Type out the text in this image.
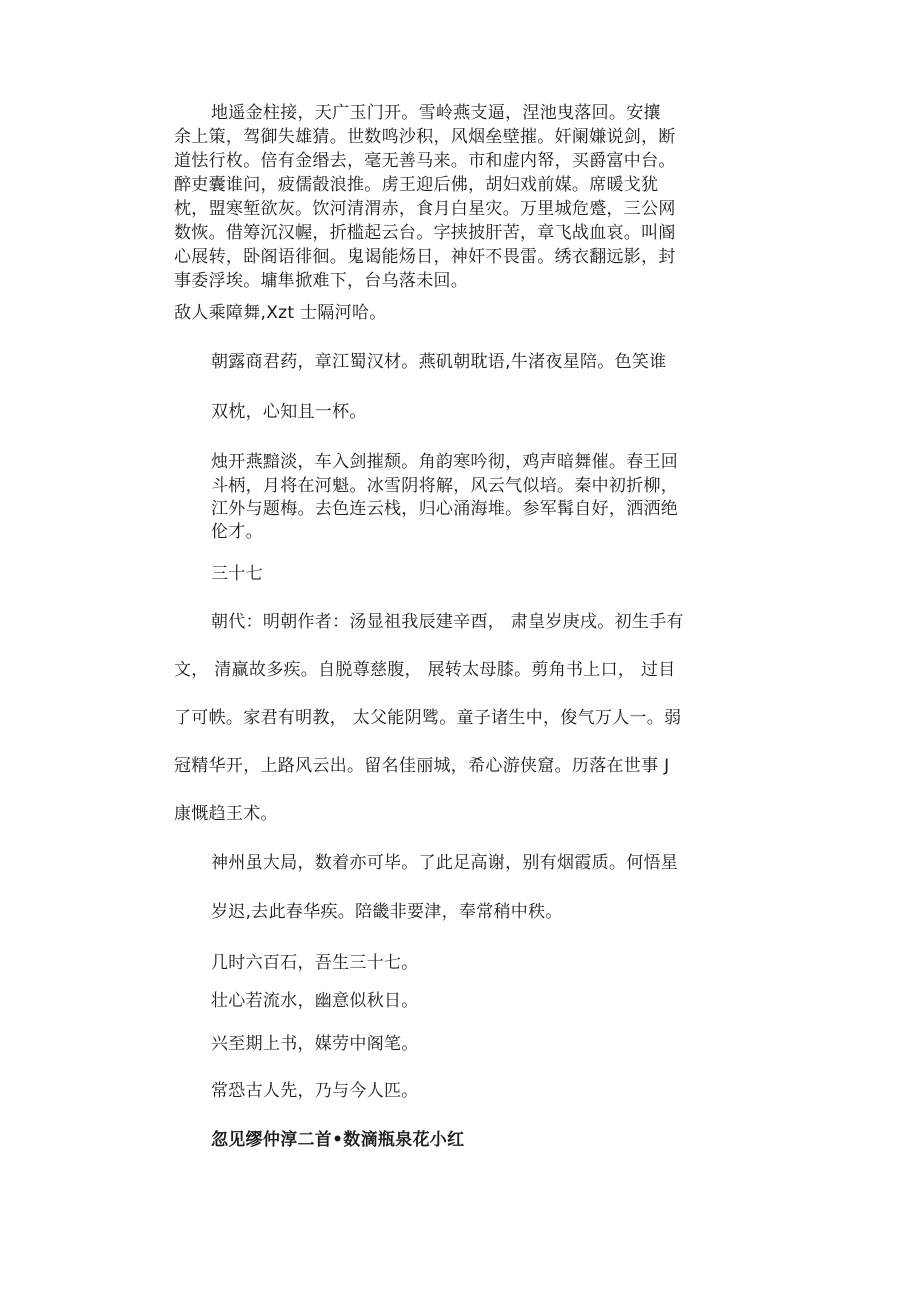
地遥金柱接，天广玉门开。雪岭燕支逼，涅池曳落回。安攘
余上策，驾御失雄猜。世数鸣沙积，风烟垒壁摧。奸阑嫌说剑，断
道怯行枚。倍有金缗去，毫无善马来。市和虚内帑，买爵富中台。
醉吏囊谁问，疲儒瞉浪推。虏王迎后佛，胡妇戏前媒。席暖戈犹
枕，盟寒堑欲灰。饮河清渭赤，食月白星灾。万里城危蹙，三公网
数恢。借筹沉汉幄，折槛起云台。字挟披肝苦，章飞战血哀。叫阍
心展转，卧阁语徘徊。鬼谒能炀日，神奸不畏雷。绣衣翻远影，封
事委浮埃。墉隼掀难下，台乌落未回。
敌人乘障舞,Xzt 士隔河哈。
朝露商君药，章江蜀汉材。燕矶朝耽语,牛渚夜星陪。色笑谁
双枕，心知且一杯。
烛开燕黯淡，车入剑摧颓。角韵寒吟彻，鸡声暗舞催。春王回
斗柄，月将在河魁。冰雪阴将解，风云气似培。秦中初折柳，
江外与题梅。去色连云栈，归心涌海堆。参军髯自好，洒洒绝
伦才。
三十七
朝代：明朝作者：汤显祖我辰建辛酉， 肃皇岁庚戌。初生手有
文， 清赢故多疾。自脱尊慈腹， 展转太母膝。剪角书上口， 过目
了可帙。家君有明教， 太父能阴骘。童子诸生中，俊气万人一。弱
冠精华开，上路风云出。留名佳丽城，希心游侠窟。历落在世事 J
康慨趋王术。
神州虽大局，数着亦可毕。了此足高谢，别有烟霞质。何悟星
岁迟,去此春华疾。陪畿非要津，奉常稍中秩。
几时六百石，吾生三十七。
壮心若流水，幽意似秋日。
兴至期上书，媒劳中阁笔。
常恐古人先，乃与今人匹。
忽见缪仲淳二首•数滴瓶泉花小红
